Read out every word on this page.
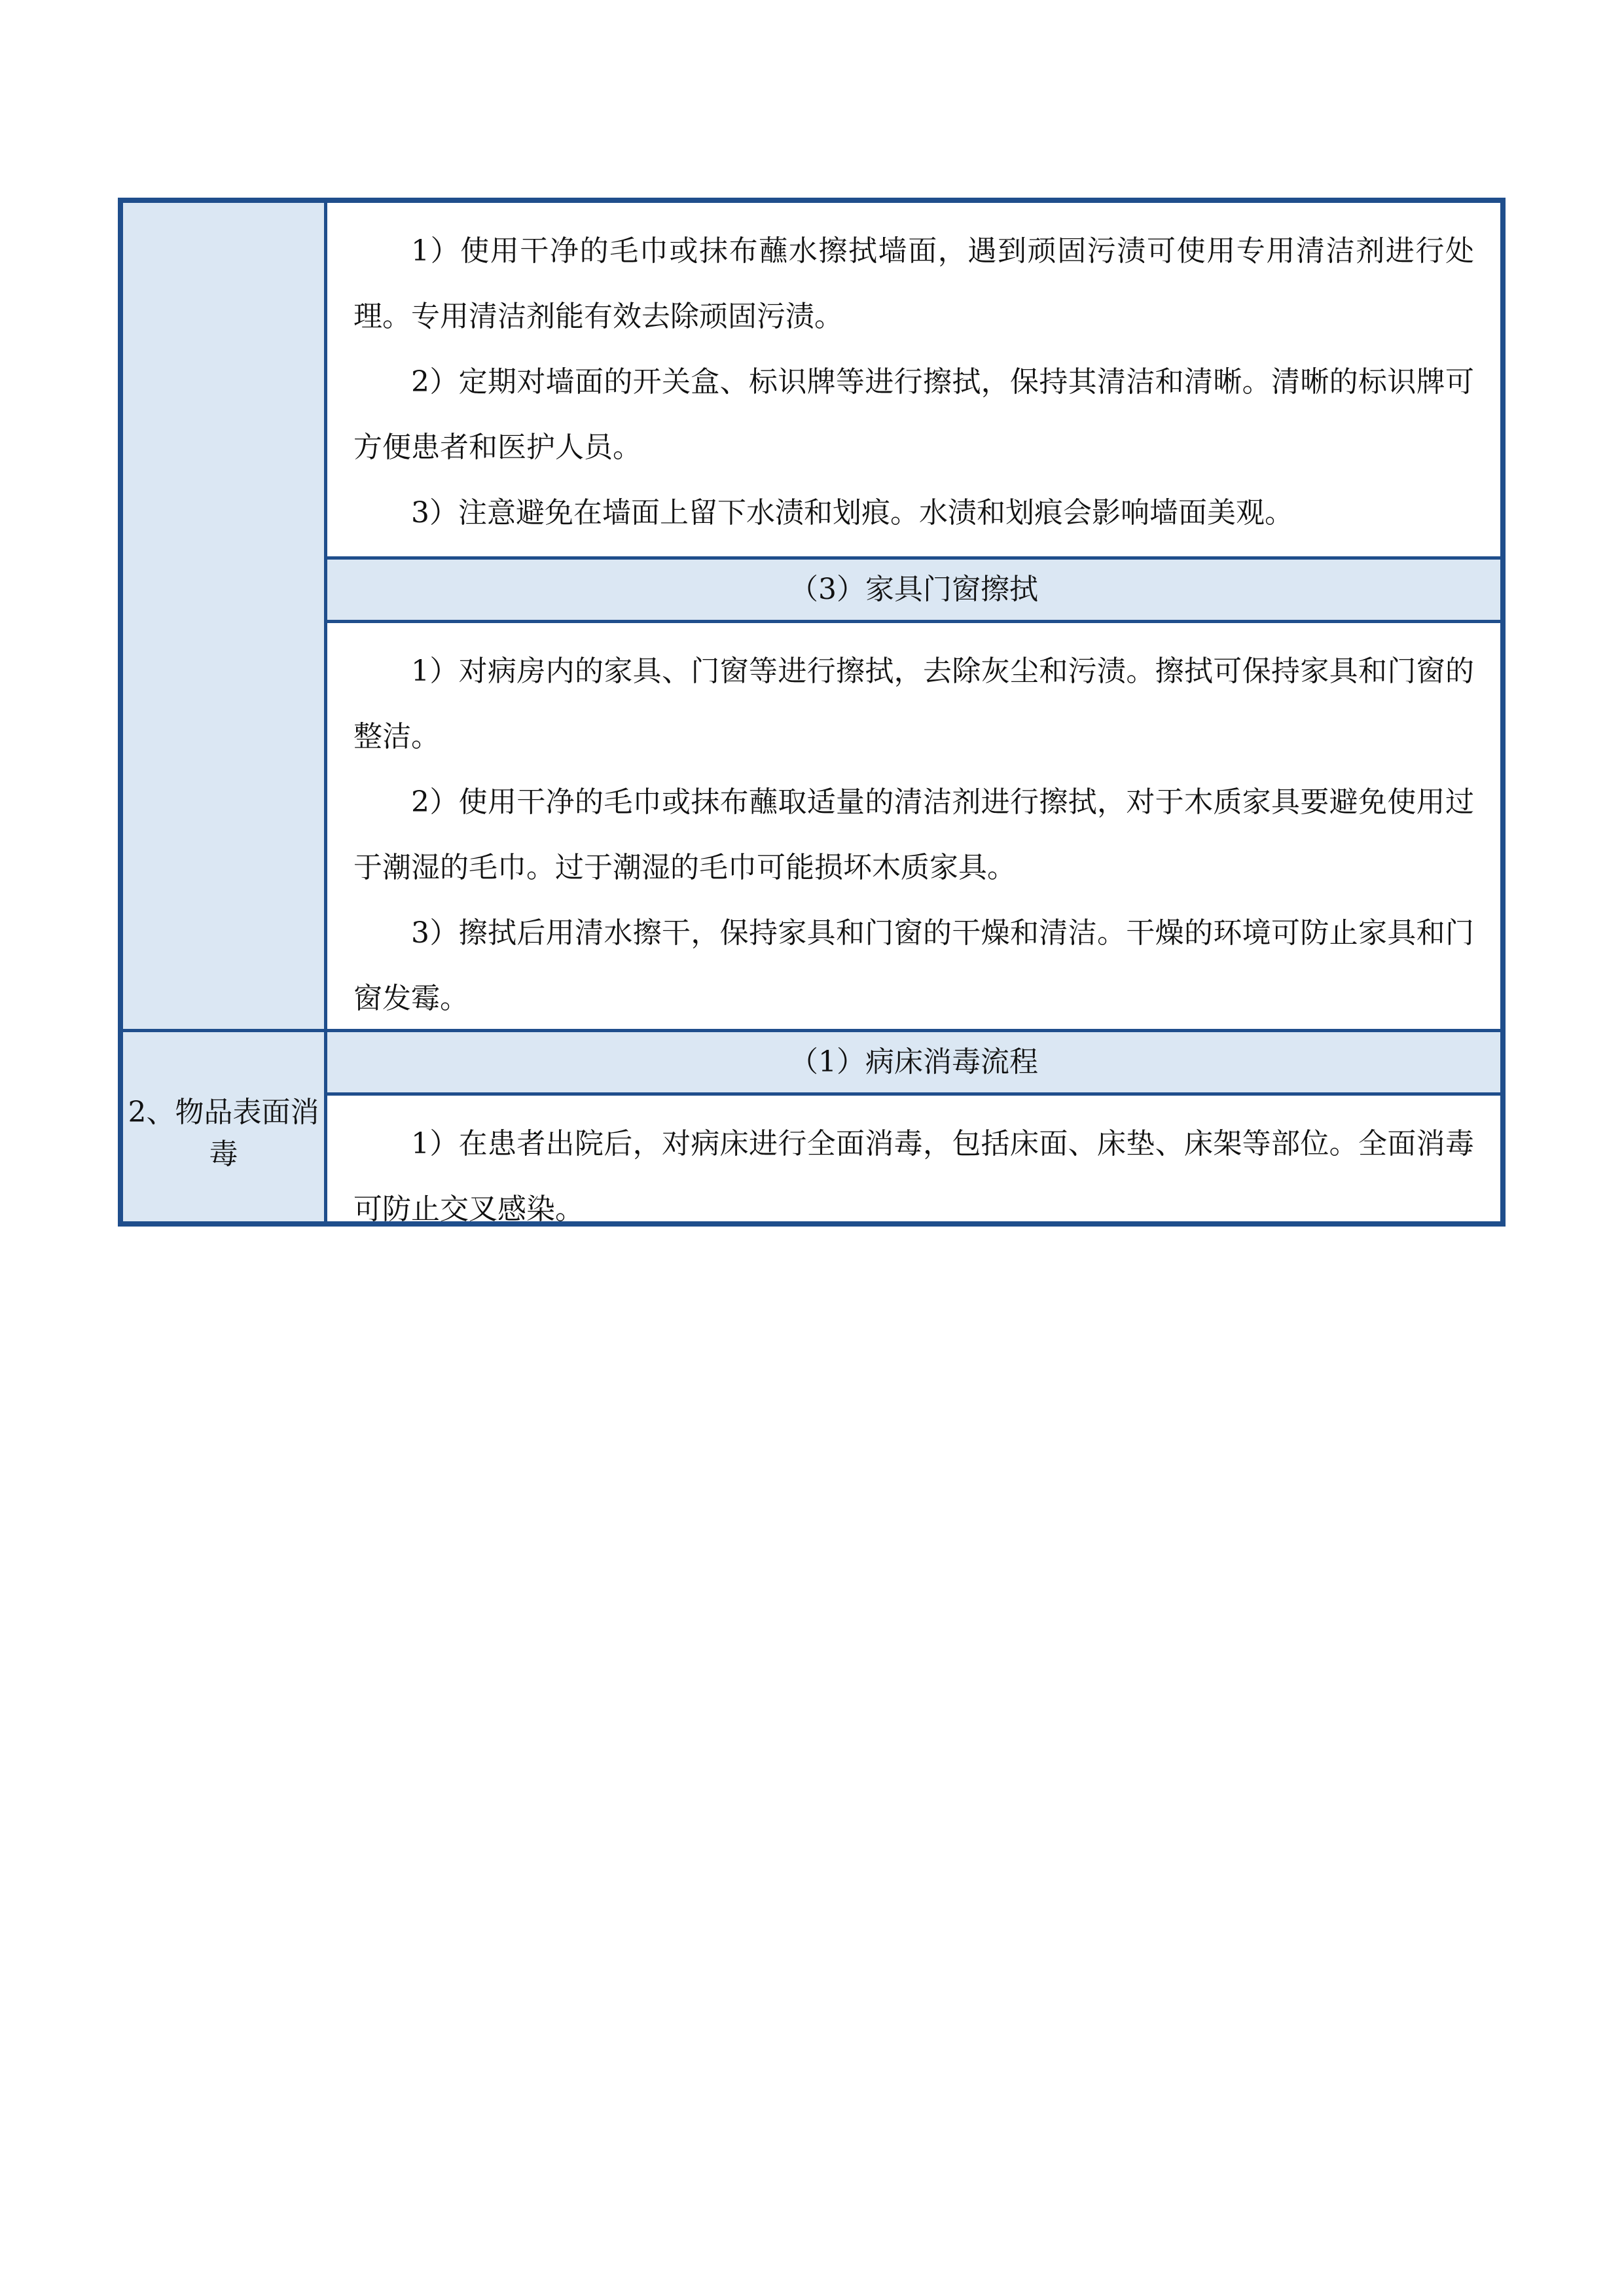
2、物品表面消毒

1）使用干净的毛巾或抹布蘸水擦拭墙面，遇到顽固污渍可使用专用清洁剂进行处理。专用清洁剂能有效去除顽固污渍。

2）定期对墙面的开关盒、标识牌等进行擦拭，保持其清洁和清晰。清晰的标识牌可方便患者和医护人员。

3）注意避免在墙面上留下水渍和划痕。水渍和划痕会影响墙面美观。

（3）家具门窗擦拭

1）对病房内的家具、门窗等进行擦拭，去除灰尘和污渍。擦拭可保持家具和门窗的整洁。

2）使用干净的毛巾或抹布蘸取适量的清洁剂进行擦拭，对于木质家具要避免使用过于潮湿的毛巾。过于潮湿的毛巾可能损坏木质家具。

3）擦拭后用清水擦干，保持家具和门窗的干燥和清洁。干燥的环境可防止家具和门窗发霉。

（1）病床消毒流程

1）在患者出院后，对病床进行全面消毒，包括床面、床垫、床架等部位。全面消毒可防止交叉感染。
